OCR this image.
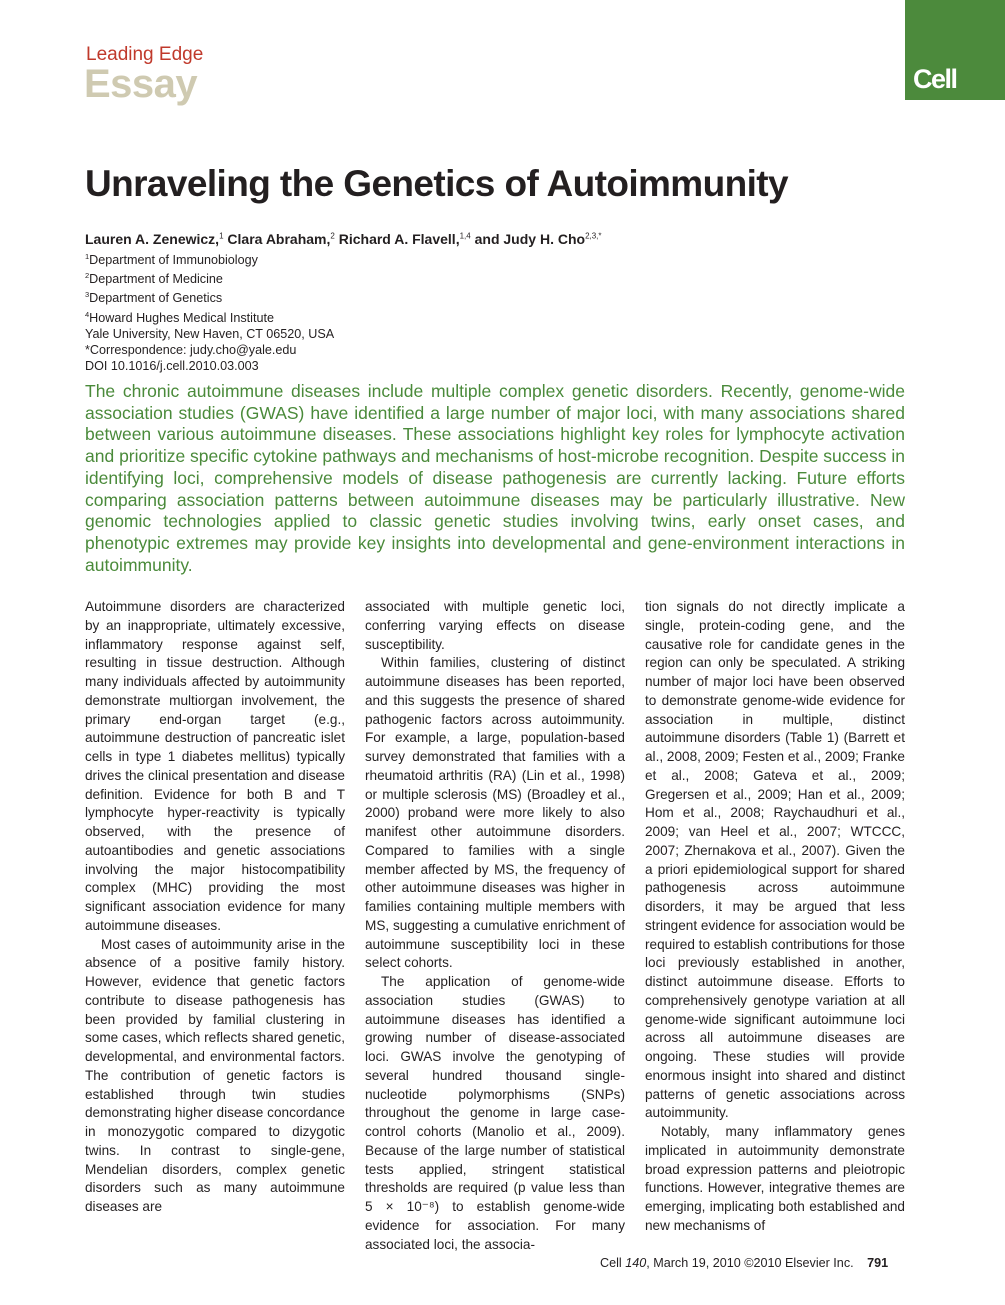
Cell
Leading Edge
Essay
Unraveling the Genetics of Autoimmunity
Lauren A. Zenewicz,$^1$ Clara Abraham,$^2$ Richard A. Flavell,$^{1,4}$ and Judy H. Cho$^{2,3,*}$
$^1$Department of Immunobiology
$^2$Department of Medicine
$^3$Department of Genetics
$^4$Howard Hughes Medical Institute
Yale University, New Haven, CT 06520, USA
*Correspondence: judy.cho@yale.edu
DOI 10.1016/j.cell.2010.03.003

The chronic autoimmune diseases include multiple complex genetic disorders. Recently, genome-wide association studies (GWAS) have identified a large number of major loci, with many associations shared between various autoimmune diseases. These associations highlight key roles for lymphocyte activation and prioritize specific cytokine pathways and mechanisms of host-microbe recognition. Despite success in identifying loci, comprehensive models of disease pathogenesis are currently lacking. Future efforts comparing association patterns between autoimmune diseases may be particularly illustrative. New genomic technologies applied to classic genetic studies involving twins, early onset cases, and phenotypic extremes may provide key insights into developmental and gene-environment interactions in autoimmunity.

Autoimmune disorders are characterized by an inappropriate, ultimately excessive, inflammatory response against self, resulting in tissue destruction. Although many individuals affected by autoimmunity demonstrate multiorgan involvement, the primary end-organ target (e.g., autoimmune destruction of pancreatic islet cells in type 1 diabetes mellitus) typically drives the clinical presentation and disease definition. Evidence for both B and T lymphocyte hyper-reactivity is typically observed, with the presence of autoantibodies and genetic associations involving the major histocompatibility complex (MHC) providing the most significant association evidence for many autoimmune diseases.

Most cases of autoimmunity arise in the absence of a positive family history. However, evidence that genetic factors contribute to disease pathogenesis has been provided by familial clustering in some cases, which reflects shared genetic, developmental, and environmental factors. The contribution of genetic factors is established through twin studies demonstrating higher disease concordance in monozygotic compared to dizygotic twins. In contrast to single-gene, Mendelian disorders, complex genetic disorders such as many autoimmune diseases are

associated with multiple genetic loci, conferring varying effects on disease susceptibility.

Within families, clustering of distinct autoimmune diseases has been reported, and this suggests the presence of shared pathogenic factors across autoimmunity. For example, a large, population-based survey demonstrated that families with a rheumatoid arthritis (RA) (Lin et al., 1998) or multiple sclerosis (MS) (Broadley et al., 2000) proband were more likely to also manifest other autoimmune disorders. Compared to families with a single member affected by MS, the frequency of other autoimmune diseases was higher in families containing multiple members with MS, suggesting a cumulative enrichment of autoimmune susceptibility loci in these select cohorts.

The application of genome-wide association studies (GWAS) to autoimmune diseases has identified a growing number of disease-associated loci. GWAS involve the genotyping of several hundred thousand single-nucleotide polymorphisms (SNPs) throughout the genome in large case-control cohorts (Manolio et al., 2009). Because of the large number of statistical tests applied, stringent statistical thresholds are required (p value less than 5 × 10⁻⁸) to establish genome-wide evidence for association. For many associated loci, the associa-

tion signals do not directly implicate a single, protein-coding gene, and the causative role for candidate genes in the region can only be speculated. A striking number of major loci have been observed to demonstrate genome-wide evidence for association in multiple, distinct autoimmune disorders (Table 1) (Barrett et al., 2008, 2009; Festen et al., 2009; Franke et al., 2008; Gateva et al., 2009; Gregersen et al., 2009; Han et al., 2009; Hom et al., 2008; Raychaudhuri et al., 2009; van Heel et al., 2007; WTCCC, 2007; Zhernakova et al., 2007). Given the a priori epidemiological support for shared pathogenesis across autoimmune disorders, it may be argued that less stringent evidence for association would be required to establish contributions for those loci previously established in another, distinct autoimmune disease. Efforts to comprehensively genotype variation at all genome-wide significant autoimmune loci across all autoimmune diseases are ongoing. These studies will provide enormous insight into shared and distinct patterns of genetic associations across autoimmunity.

Notably, many inflammatory genes implicated in autoimmunity demonstrate broad expression patterns and pleiotropic functions. However, integrative themes are emerging, implicating both established and new mechanisms of

Cell 140, March 19, 2010 ©2010 Elsevier Inc. 791
